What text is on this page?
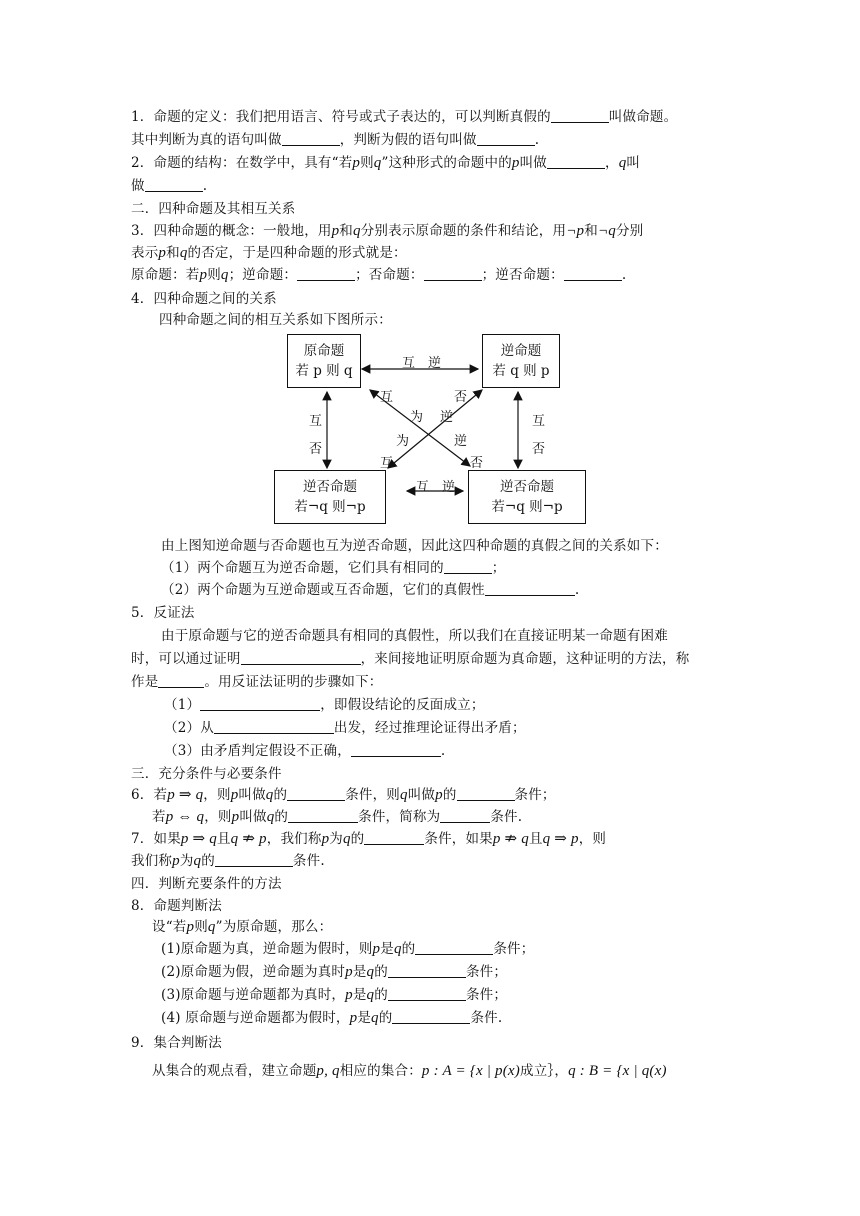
1．命题的定义：我们把用语言、符号或式子表达的，可以判断真假的	叫做命题。
其中判断为真的语句叫做	，判断为假的语句叫做	.
2．命题的结构：在数学中，具有“若p则q”这种形式的命题中的p叫做	，q叫
做	.
二．四种命题及其相互关系
3．四种命题的概念：一般地，用p和q分别表示原命题的条件和结论，用¬p和¬q分别
表示p和q的否定，于是四种命题的形式就是：
原命题：若p则q；逆命题：	；否命题：	；逆否命题：	.
4．四种命题之间的关系
四种命题之间的相互关系如下图所示：
原命题
若 p 则 q
逆命题
若 q 则 p
逆否命题
若¬q 则¬p
逆否命题
若¬q 则¬p
互　逆
互　逆
互
否
互
否
互	否
为 逆
为	逆
互	否
由上图知逆命题与否命题也互为逆否命题，因此这四种命题的真假之间的关系如下：
（1）两个命题互为逆否命题，它们具有相同的	；
（2）两个命题为互逆命题或互否命题，它们的真假性	.
5．反证法
由于原命题与它的逆否命题具有相同的真假性，所以我们在直接证明某一命题有困难
时，可以通过证明	，来间接地证明原命题为真命题，这种证明的方法，称
作是	。用反证法证明的步骤如下：
（1）	，即假设结论的反面成立；
（2）从	出发，经过推理论证得出矛盾；
（3）由矛盾判定假设不正确，	.
三．充分条件与必要条件
6．若p ⇒ q，则p叫做q的	条件，则q叫做p的	条件；
若p ⇔ q，则p叫做q的	条件，简称为	条件.
7．如果p ⇒ q且q ⇏ p，我们称p为q的	条件，如果p ⇏ q且q ⇒ p，则
我们称p为q的	条件.
四．判断充要条件的方法
8．命题判断法
设“若p则q”为原命题，那么：
(1)原命题为真，逆命题为假时，则p是q的	条件；
(2)原命题为假，逆命题为真时p是q的	条件；
(3)原命题与逆命题都为真时，p是q的	条件；
(4) 原命题与逆命题都为假时，p是q的	条件.
9．集合判断法
从集合的观点看，建立命题p, q相应的集合：p : A = {x | p(x)成立｝，q : B = {x | q(x)
